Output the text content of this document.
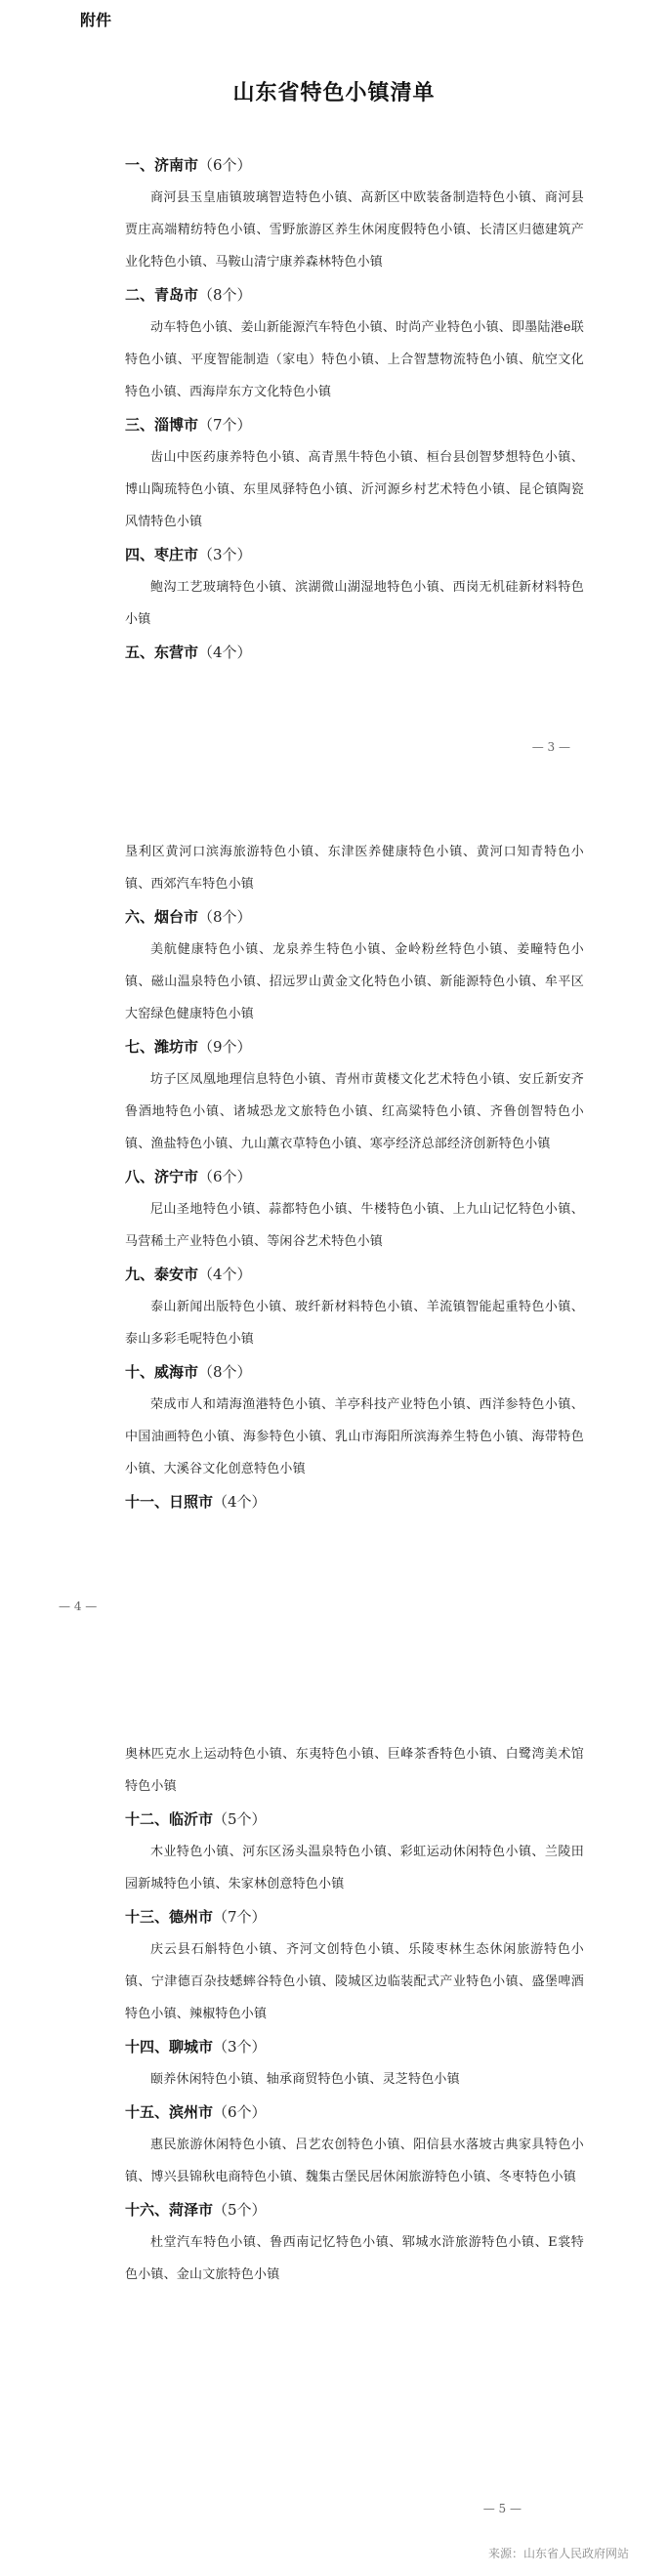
附件
山东省特色小镇清单
一、济南市（6个）
商河县玉皇庙镇玻璃智造特色小镇、高新区中欧装备制造特色小镇、商河县贾庄高端精纺特色小镇、雪野旅游区养生休闲度假特色小镇、长清区归德建筑产业化特色小镇、马鞍山清宁康养森林特色小镇
二、青岛市（8个）
动车特色小镇、姜山新能源汽车特色小镇、时尚产业特色小镇、即墨陆港e联特色小镇、平度智能制造（家电）特色小镇、上合智慧物流特色小镇、航空文化特色小镇、西海岸东方文化特色小镇
三、淄博市（7个）
齿山中医药康养特色小镇、高青黑牛特色小镇、桓台县创智梦想特色小镇、博山陶琉特色小镇、东里凤驿特色小镇、沂河源乡村艺术特色小镇、昆仑镇陶瓷风情特色小镇
四、枣庄市（3个）
鲍沟工艺玻璃特色小镇、滨湖微山湖湿地特色小镇、西岗无机硅新材料特色小镇
五、东营市（4个）
— 3 —
垦利区黄河口滨海旅游特色小镇、东津医养健康特色小镇、黄河口知青特色小镇、西郊汽车特色小镇
六、烟台市（8个）
美航健康特色小镇、龙泉养生特色小镇、金岭粉丝特色小镇、姜疃特色小镇、磁山温泉特色小镇、招远罗山黄金文化特色小镇、新能源特色小镇、牟平区大窑绿色健康特色小镇
七、潍坊市（9个）
坊子区凤凰地理信息特色小镇、青州市黄楼文化艺术特色小镇、安丘新安齐鲁酒地特色小镇、诸城恐龙文旅特色小镇、红高粱特色小镇、齐鲁创智特色小镇、渔盐特色小镇、九山薰衣草特色小镇、寒亭经济总部经济创新特色小镇
八、济宁市（6个）
尼山圣地特色小镇、蒜都特色小镇、牛楼特色小镇、上九山记忆特色小镇、马营稀土产业特色小镇、等闲谷艺术特色小镇
九、泰安市（4个）
泰山新闻出版特色小镇、玻纤新材料特色小镇、羊流镇智能起重特色小镇、泰山多彩毛呢特色小镇
十、威海市（8个）
荣成市人和靖海渔港特色小镇、羊亭科技产业特色小镇、西洋参特色小镇、中国油画特色小镇、海参特色小镇、乳山市海阳所滨海养生特色小镇、海带特色小镇、大溪谷文化创意特色小镇
十一、日照市（4个）
— 4 —
奥林匹克水上运动特色小镇、东夷特色小镇、巨峰茶香特色小镇、白鹭湾美术馆特色小镇
十二、临沂市（5个）
木业特色小镇、河东区汤头温泉特色小镇、彩虹运动休闲特色小镇、兰陵田园新城特色小镇、朱家林创意特色小镇
十三、德州市（7个）
庆云县石斛特色小镇、齐河文创特色小镇、乐陵枣林生态休闲旅游特色小镇、宁津德百杂技蟋蟀谷特色小镇、陵城区边临装配式产业特色小镇、盛堡啤酒特色小镇、辣椒特色小镇
十四、聊城市（3个）
颐养休闲特色小镇、轴承商贸特色小镇、灵芝特色小镇
十五、滨州市（6个）
惠民旅游休闲特色小镇、吕艺农创特色小镇、阳信县水落坡古典家具特色小镇、博兴县锦秋电商特色小镇、魏集古堡民居休闲旅游特色小镇、冬枣特色小镇
十六、菏泽市（5个）
杜堂汽车特色小镇、鲁西南记忆特色小镇、郓城水浒旅游特色小镇、E裳特色小镇、金山文旅特色小镇
— 5 —
来源：山东省人民政府网站
